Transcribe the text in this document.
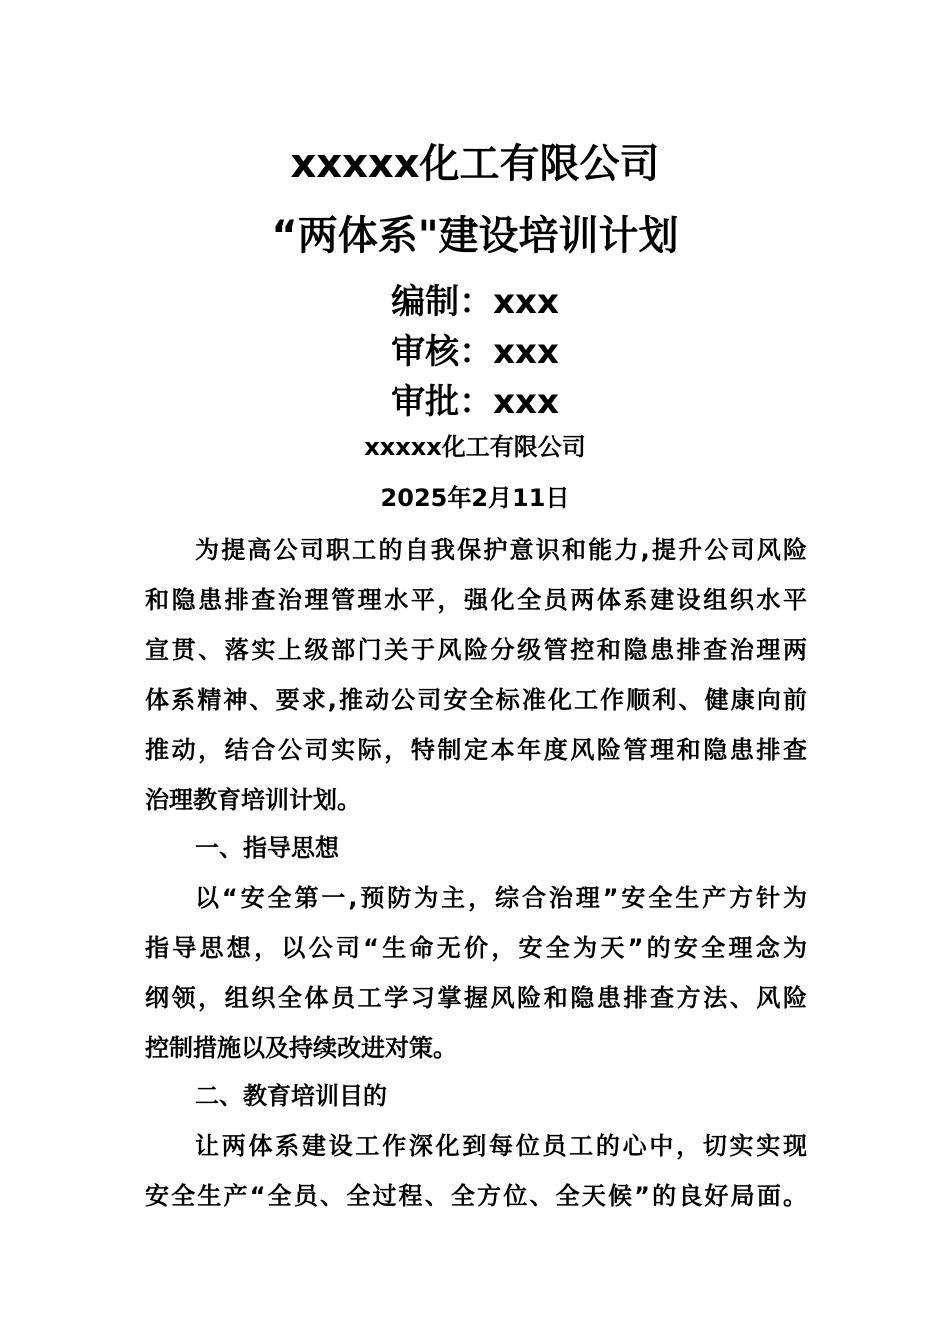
xxxxx化工有限公司
“两体系"建设培训计划
编制：xxx
审核：xxx
审批：xxx
xxxxx化工有限公司
2025年2月11日
为提高公司职工的自我保护意识和能力,提升公司风险
和隐患排查治理管理水平，强化全员两体系建设组织水平
宣贯、落实上级部门关于风险分级管控和隐患排查治理两
体系精神、要求,推动公司安全标准化工作顺利、健康向前
推动，结合公司实际，特制定本年度风险管理和隐患排查
治理教育培训计划。
一、指导思想
以“安全第一,预防为主，综合治理”安全生产方针为
指导思想，以公司“生命无价，安全为天”的安全理念为
纲领，组织全体员工学习掌握风险和隐患排查方法、风险
控制措施以及持续改进对策。
二、教育培训目的
让两体系建设工作深化到每位员工的心中，切实实现
安全生产“全员、全过程、全方位、全天候”的良好局面。
